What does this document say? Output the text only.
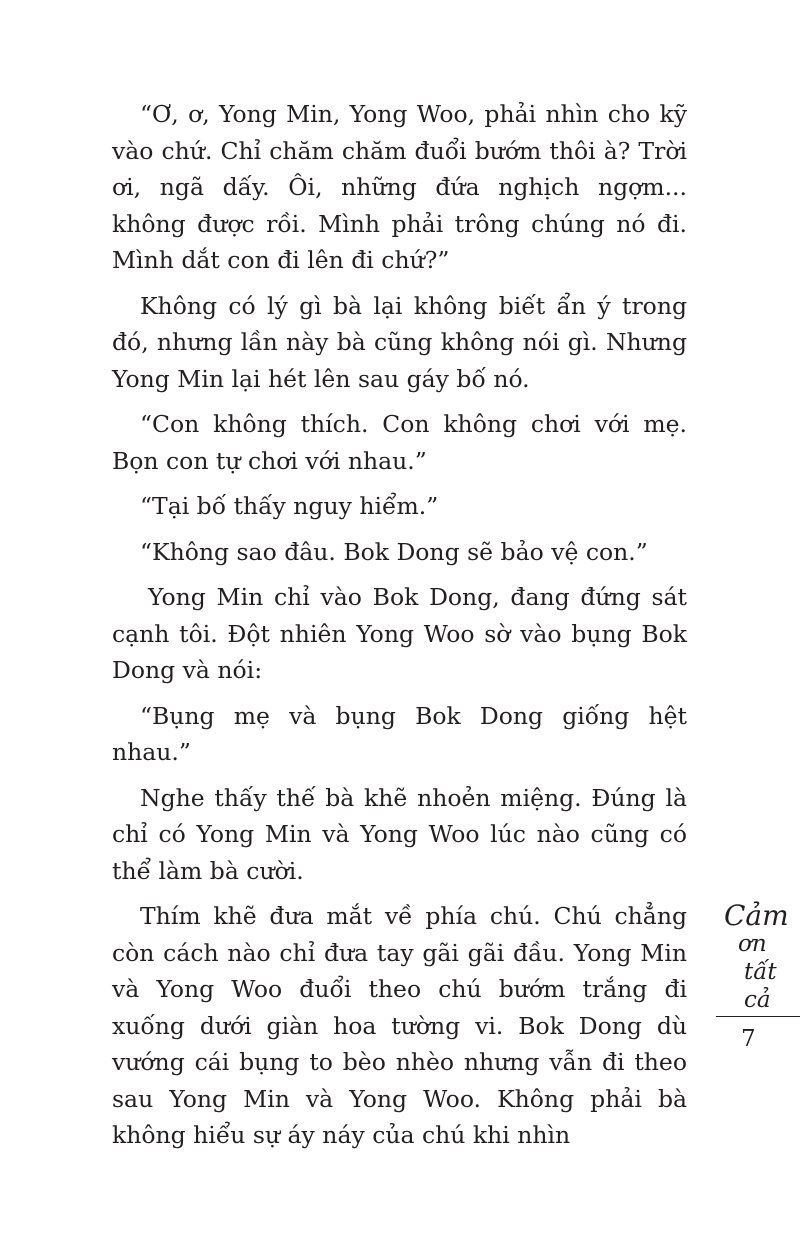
“Ơ, ơ, Yong Min, Yong Woo, phải nhìn cho kỹ vào chứ. Chỉ chăm chăm đuổi bướm thôi à? Trời ơi, ngã dấy. Ôi, những đứa nghịch ngợm... không được rồi. Mình phải trông chúng nó đi. Mình dắt con đi lên đi chứ?”

Không có lý gì bà lại không biết ẩn ý trong đó, nhưng lần này bà cũng không nói gì. Nhưng Yong Min lại hét lên sau gáy bố nó.

“Con không thích. Con không chơi với mẹ. Bọn con tự chơi với nhau.”

“Tại bố thấy nguy hiểm.”

“Không sao đâu. Bok Dong sẽ bảo vệ con.”

Yong Min chỉ vào Bok Dong, đang đứng sát cạnh tôi. Đột nhiên Yong Woo sờ vào bụng Bok Dong và nói:

“Bụng mẹ và bụng Bok Dong giống hệt nhau.”

Nghe thấy thế bà khẽ nhoẻn miệng. Đúng là chỉ có Yong Min và Yong Woo lúc nào cũng có thể làm bà cười.

Thím khẽ đưa mắt về phía chú. Chú chẳng còn cách nào chỉ đưa tay gãi gãi đầu. Yong Min và Yong Woo đuổi theo chú bướm trắng đi xuống dưới giàn hoa tường vi. Bok Dong dù vướng cái bụng to bèo nhèo nhưng vẫn đi theo sau Yong Min và Yong Woo. Không phải bà không hiểu sự áy náy của chú khi nhìn

Cảm
ơn
tất
cả
7
